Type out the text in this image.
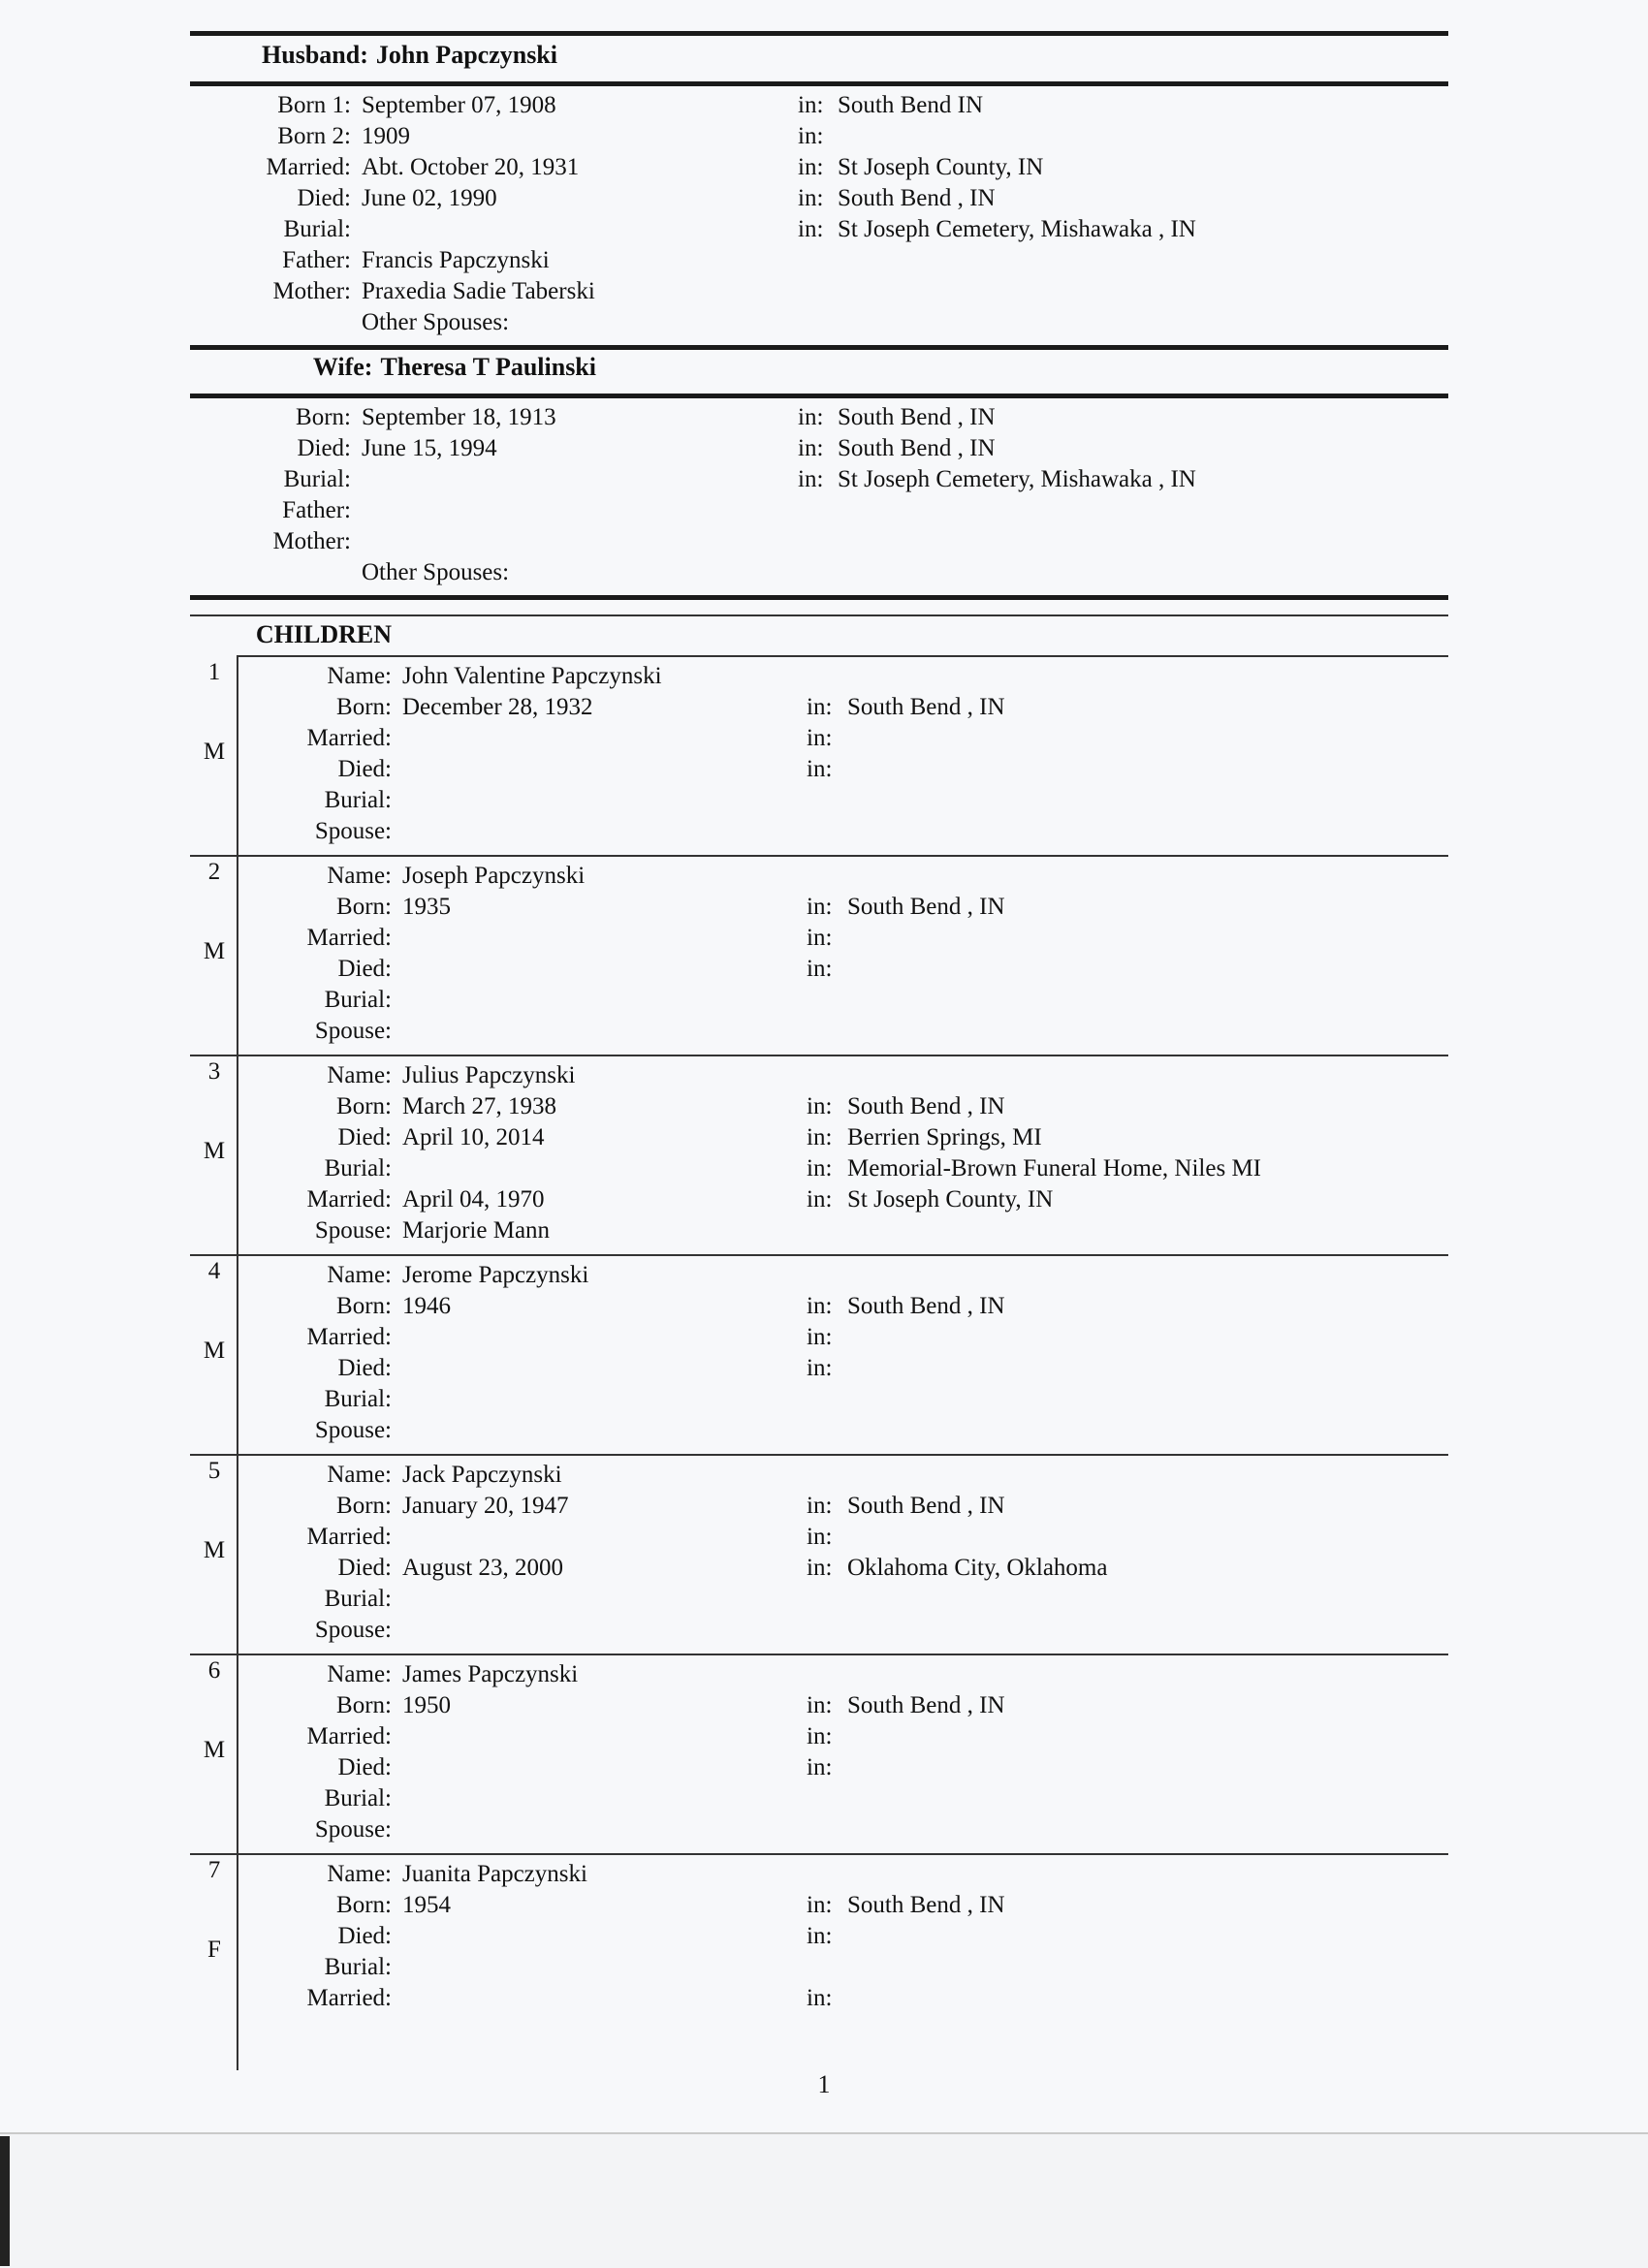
Husband: John Papczynski
Born 1: September 07, 1908	in: South Bend IN
Born 2: 1909	in:
Married: Abt. October 20, 1931	in: St Joseph County, IN
Died: June 02, 1990	in: South Bend , IN
Burial:	in: St Joseph Cemetery, Mishawaka , IN
Father: Francis Papczynski
Mother: Praxedia Sadie Taberski
Other Spouses:
Wife: Theresa T Paulinski
Born: September 18, 1913	in: South Bend , IN
Died: June 15, 1994	in: South Bend , IN
Burial:	in: St Joseph Cemetery, Mishawaka , IN
Father:
Mother:
Other Spouses:
CHILDREN
1
M
Name: John Valentine Papczynski
Born: December 28, 1932	in: South Bend , IN
Married:	in:
Died:	in:
Burial:
Spouse:
2
M
Name: Joseph Papczynski
Born: 1935	in: South Bend , IN
Married:	in:
Died:	in:
Burial:
Spouse:
3
M
Name: Julius Papczynski
Born: March 27, 1938	in: South Bend , IN
Died: April 10, 2014	in: Berrien Springs, MI
Burial:	in: Memorial-Brown Funeral Home, Niles MI
Married: April 04, 1970	in: St Joseph County, IN
Spouse: Marjorie Mann
4
M
Name: Jerome Papczynski
Born: 1946	in: South Bend , IN
Married:	in:
Died:	in:
Burial:
Spouse:
5
M
Name: Jack Papczynski
Born: January 20, 1947	in: South Bend , IN
Married:	in:
Died: August 23, 2000	in: Oklahoma City, Oklahoma
Burial:
Spouse:
6
M
Name: James Papczynski
Born: 1950	in: South Bend , IN
Married:	in:
Died:	in:
Burial:
Spouse:
7
F
Name: Juanita Papczynski
Born: 1954	in: South Bend , IN
Died:	in:
Burial:
Married:	in:
1
